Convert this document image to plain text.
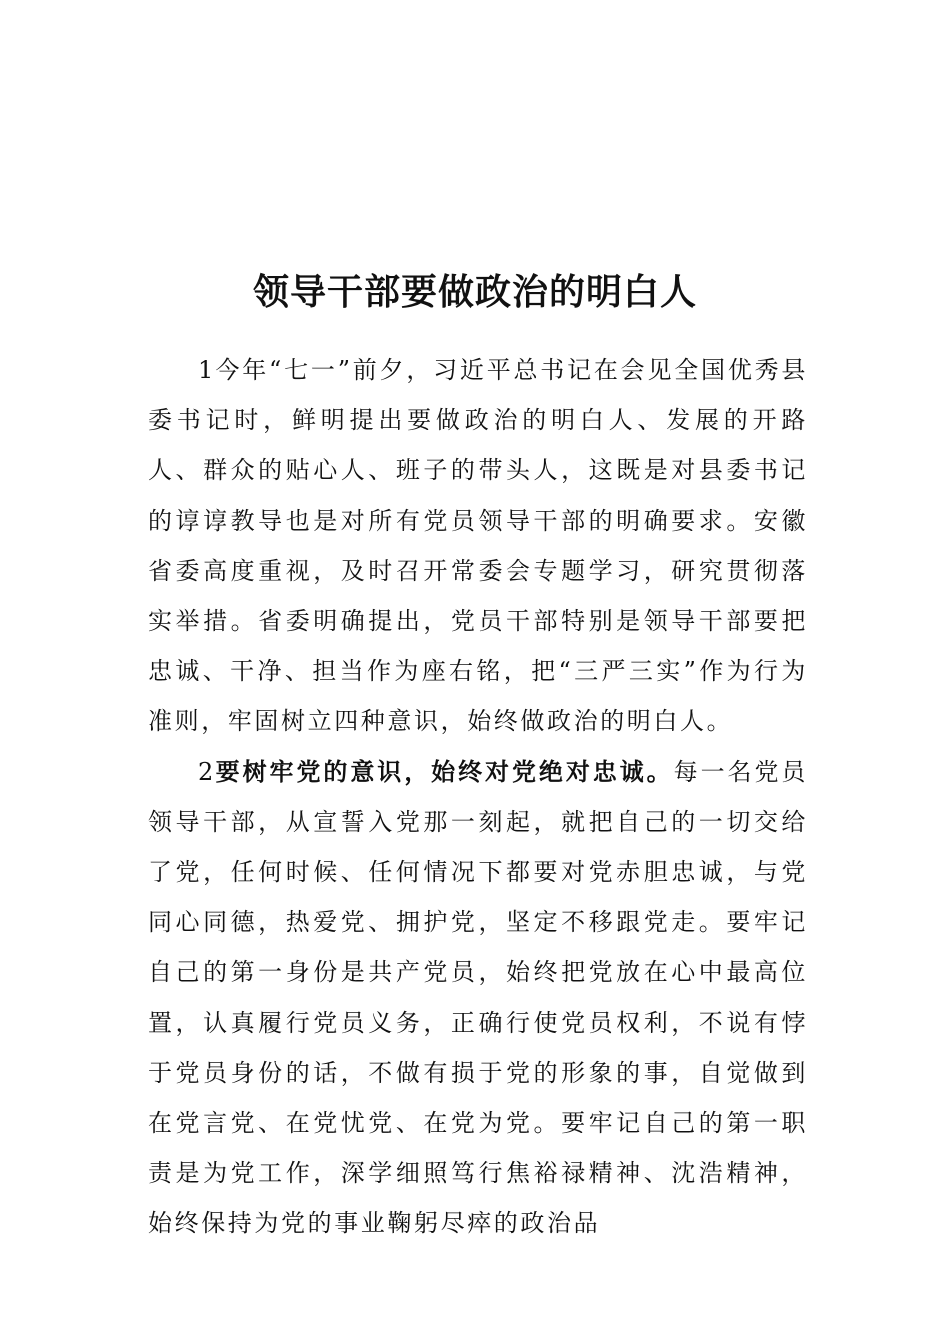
领导干部要做政治的明白人

1今年“七一”前夕，习近平总书记在会见全国优秀县委书记时，鲜明提出要做政治的明白人、发展的开路人、群众的贴心人、班子的带头人，这既是对县委书记的谆谆教导也是对所有党员领导干部的明确要求。安徽省委高度重视，及时召开常委会专题学习，研究贯彻落实举措。省委明确提出，党员干部特别是领导干部要把忠诚、干净、担当作为座右铭，把“三严三实”作为行为准则，牢固树立四种意识，始终做政治的明白人。

2要树牢党的意识，始终对党绝对忠诚。每一名党员领导干部，从宣誓入党那一刻起，就把自己的一切交给了党，任何时候、任何情况下都要对党赤胆忠诚，与党同心同德，热爱党、拥护党，坚定不移跟党走。要牢记自己的第一身份是共产党员，始终把党放在心中最高位置，认真履行党员义务，正确行使党员权利，不说有悖于党员身份的话，不做有损于党的形象的事，自觉做到在党言党、在党忧党、在党为党。要牢记自己的第一职责是为党工作，深学细照笃行焦裕禄精神、沈浩精神，始终保持为党的事业鞠躬尽瘁的政治品
